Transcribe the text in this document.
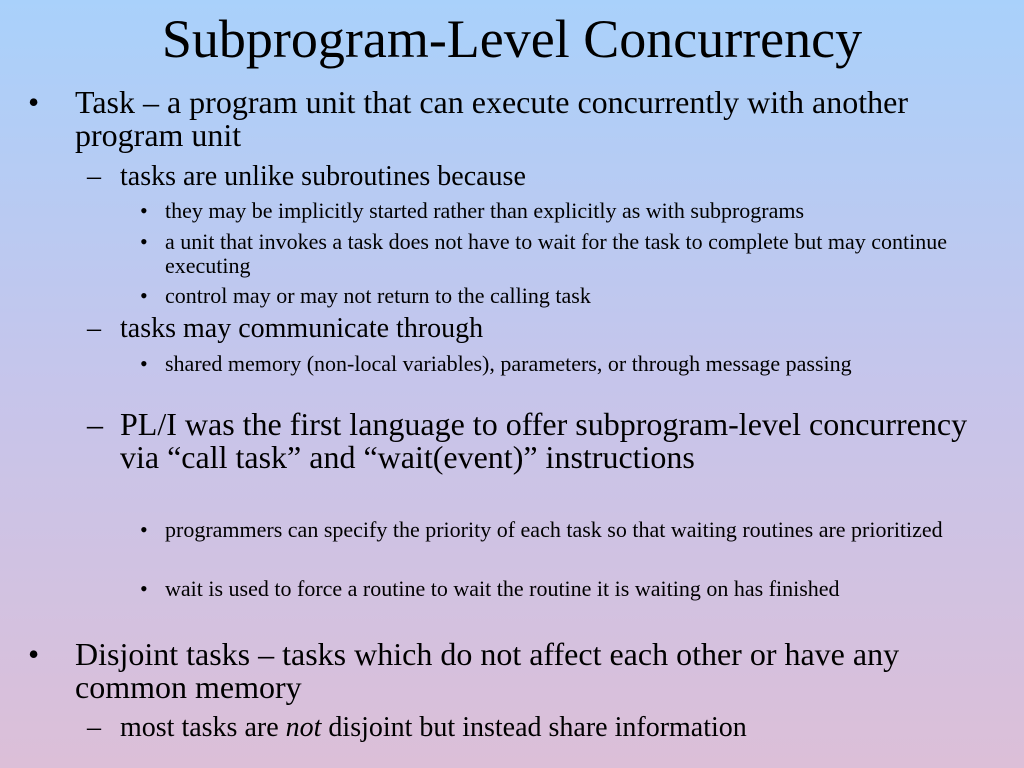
Subprogram-Level Concurrency
• Task – a program unit that can execute concurrently with another program unit
– tasks are unlike subroutines because
• they may be implicitly started rather than explicitly as with subprograms
• a unit that invokes a task does not have to wait for the task to complete but may continue executing
• control may or may not return to the calling task
– tasks may communicate through
• shared memory (non-local variables), parameters, or through message passing
– PL/I was the first language to offer subprogram-level concurrency via “call task” and “wait(event)” instructions
• programmers can specify the priority of each task so that waiting routines are prioritized
• wait is used to force a routine to wait the routine it is waiting on has finished
• Disjoint tasks – tasks which do not affect each other or have any common memory
– most tasks are not disjoint but instead share information
